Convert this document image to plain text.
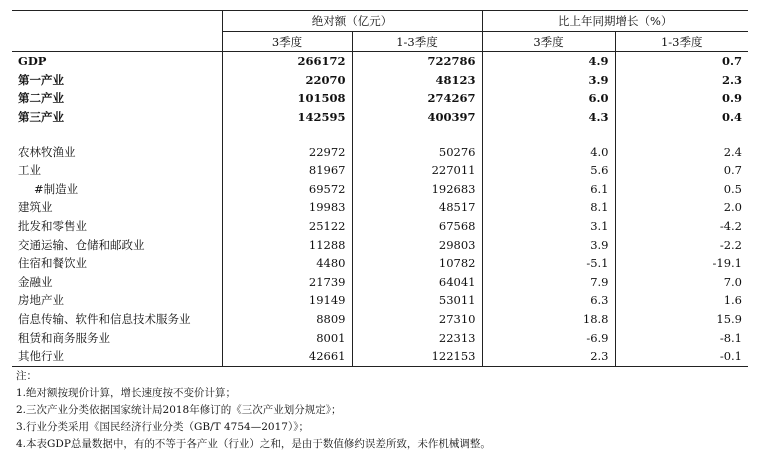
	绝对额（亿元）		比上年同期增长（%）	
	3季度	1-3季度	3季度	1-3季度
GDP	266172	722786	4.9	0.7
第一产业	22070	48123	3.9	2.3
第二产业	101508	274267	6.0	0.9
第三产业	142595	400397	4.3	0.4

农林牧渔业	22972	50276	4.0	2.4
工业	81967	227011	5.6	0.7
#制造业	69572	192683	6.1	0.5
建筑业	19983	48517	8.1	2.0
批发和零售业	25122	67568	3.1	-4.2
交通运输、仓储和邮政业	11288	29803	3.9	-2.2
住宿和餐饮业	4480	10782	-5.1	-19.1
金融业	21739	64041	7.9	7.0
房地产业	19149	53011	6.3	1.6
信息传输、软件和信息技术服务业	8809	27310	18.8	15.9
租赁和商务服务业	8001	22313	-6.9	-8.1
其他行业	42661	122153	2.3	-0.1
注：
1.绝对额按现价计算，增长速度按不变价计算；
2.三次产业分类依据国家统计局2018年修订的《三次产业划分规定》；
3.行业分类采用《国民经济行业分类（GB/T 4754—2017）》；
4.本表GDP总量数据中，有的不等于各产业（行业）之和，是由于数值修约误差所致，未作机械调整。
